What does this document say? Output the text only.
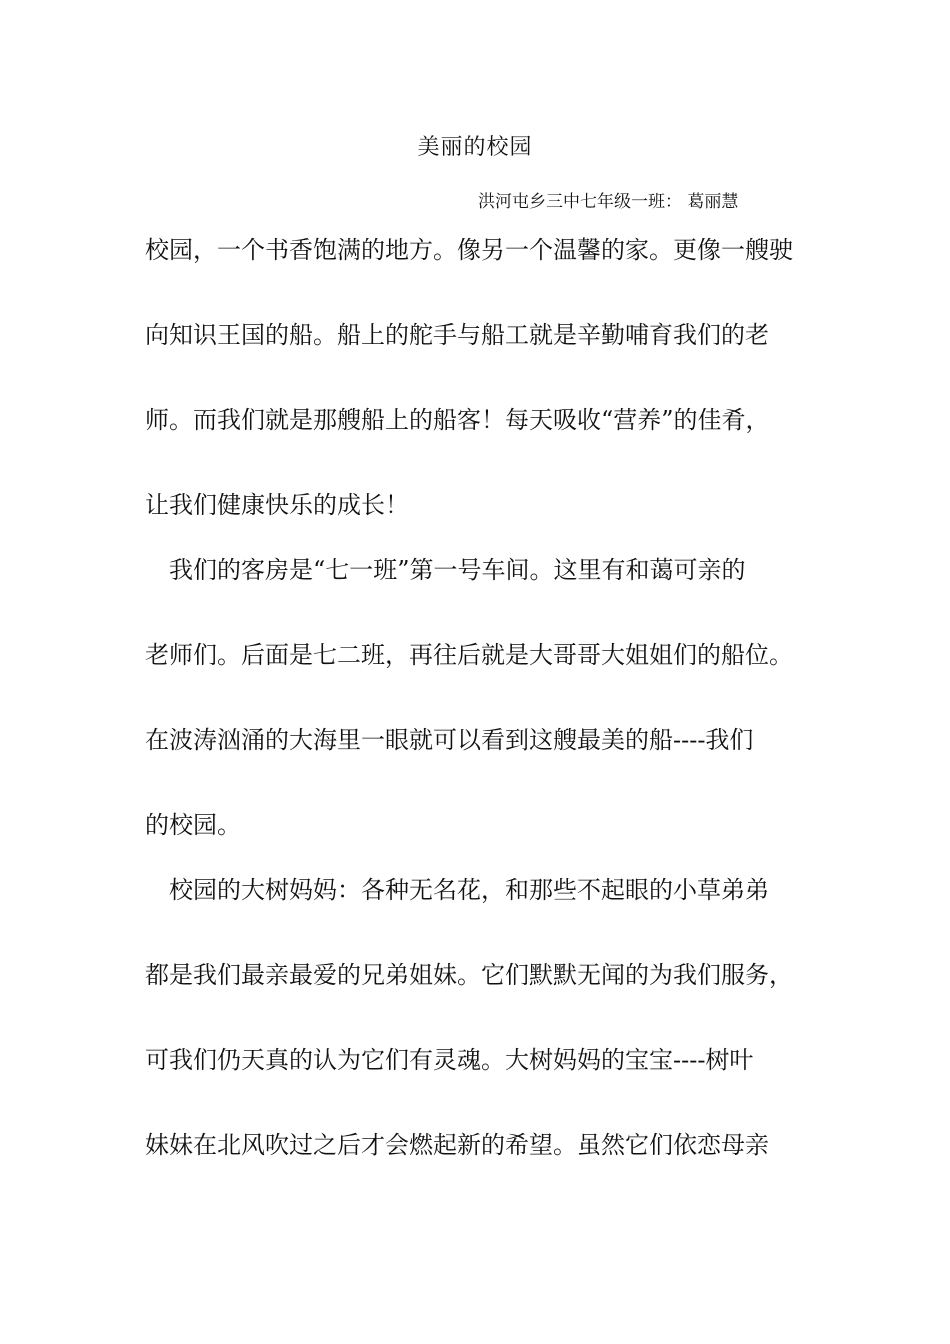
美丽的校园
洪河屯乡三中七年级一班： 葛丽慧
校园，一个书香饱满的地方。像另一个温馨的家。更像一艘驶
向知识王国的船。船上的舵手与船工就是辛勤哺育我们的老
师。而我们就是那艘船上的船客！每天吸收“营养”的佳肴，
让我们健康快乐的成长！
　我们的客房是“七一班”第一号车间。这里有和蔼可亲的
老师们。后面是七二班，再往后就是大哥哥大姐姐们的船位。
在波涛汹涌的大海里一眼就可以看到这艘最美的船----我们
的校园。
　校园的大树妈妈：各种无名花，和那些不起眼的小草弟弟
都是我们最亲最爱的兄弟姐妹。它们默默无闻的为我们服务，
可我们仍天真的认为它们有灵魂。大树妈妈的宝宝----树叶
妹妹在北风吹过之后才会燃起新的希望。虽然它们依恋母亲
